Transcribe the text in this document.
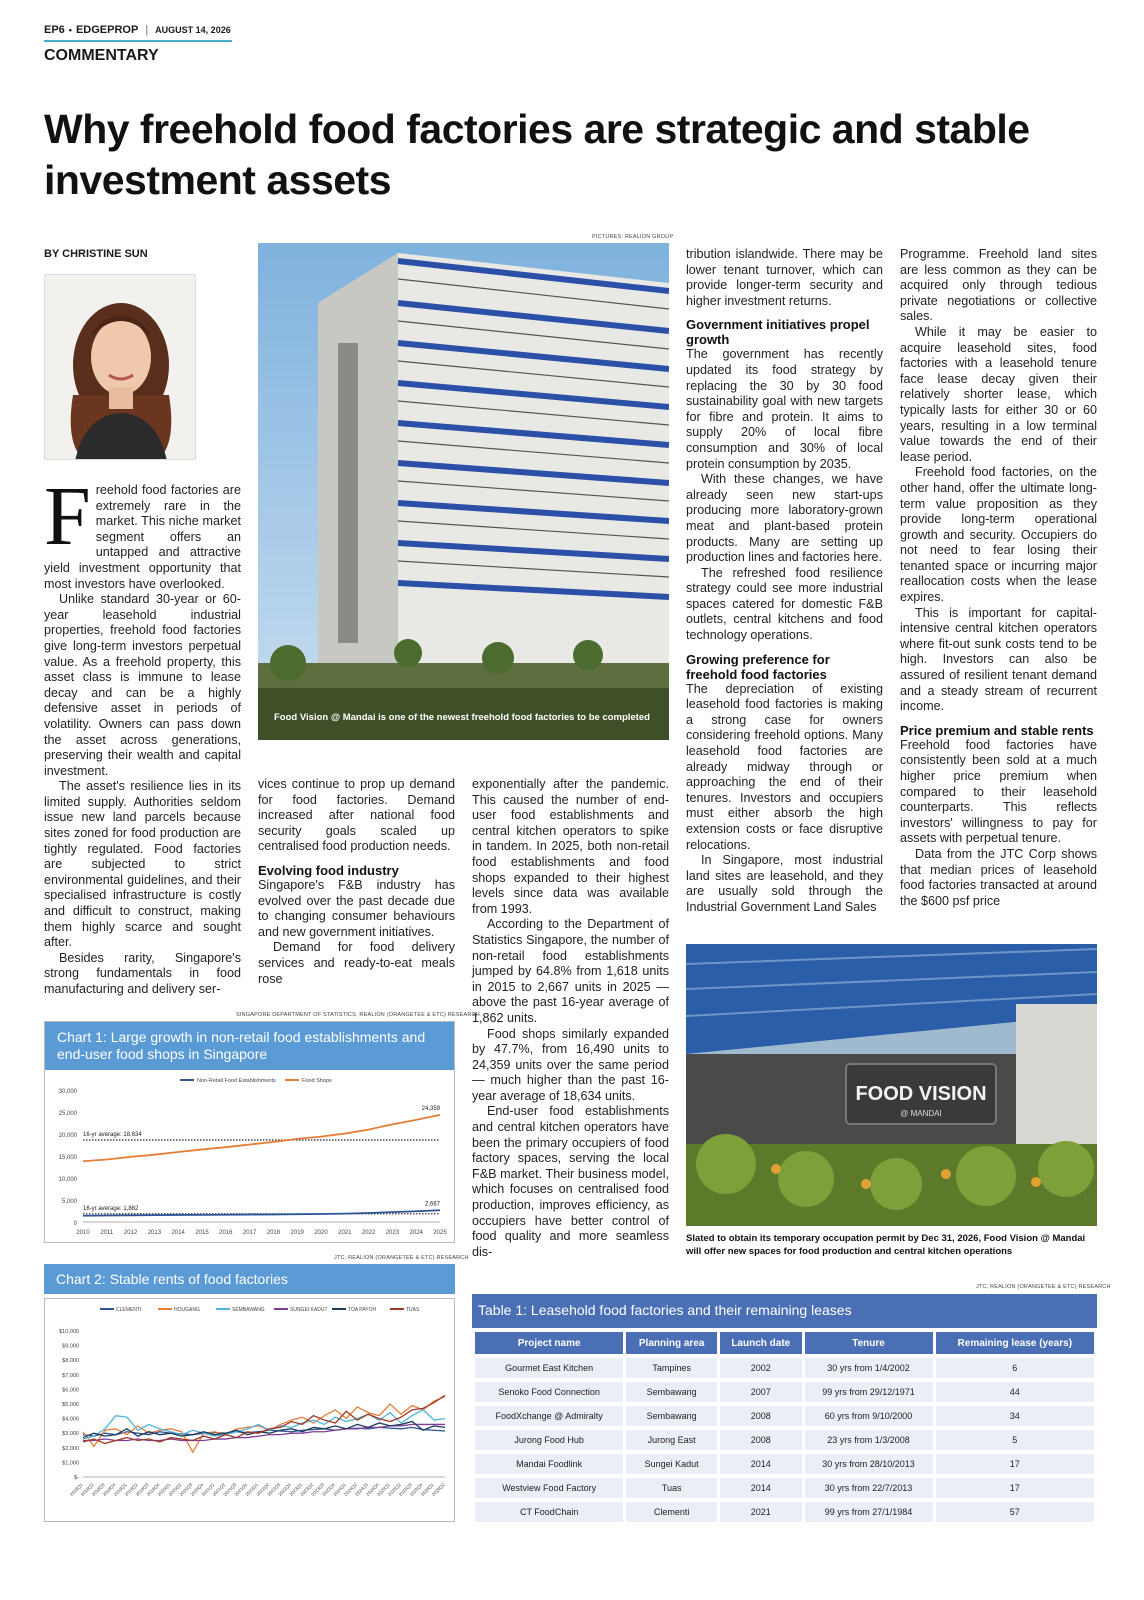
EP6 • EDGEPROP | AUGUST 14, 2026
COMMENTARY
Why freehold food factories are strategic and stable investment assets
BY CHRISTINE SUN
PICTURES: REALION GROUP
Food Vision @ Mandai is one of the newest freehold food factories to be completed
F reehold food factories are extremely rare in the market. This niche market segment offers an untapped and attractive yield investment opportunity that most investors have overlooked.

Unlike standard 30-year or 60-year leasehold industrial properties, freehold food factories give long-term investors perpetual value. As a freehold property, this asset class is immune to lease decay and can be a highly defensive asset in periods of volatility. Owners can pass down the asset across generations, preserving their wealth and capital investment.

The asset's resilience lies in its limited supply. Authorities seldom issue new land parcels because sites zoned for food production are tightly regulated. Food factories are subjected to strict environmental guidelines, and their specialised infrastructure is costly and difficult to construct, making them highly scarce and sought after.

Besides rarity, Singapore's strong fundamentals in food manufacturing and delivery ser-

vices continue to prop up demand for food factories. Demand increased after national food security goals scaled up centralised food production needs.

Evolving food industry

Singapore's F&B industry has evolved over the past decade due to changing consumer behaviours and new government initiatives.

Demand for food delivery services and ready-to-eat meals rose

exponentially after the pandemic. This caused the number of end-user food establishments and central kitchen operators to spike in tandem. In 2025, both non-retail food establishments and food shops expanded to their highest levels since data was available from 1993.

According to the Department of Statistics Singapore, the number of non-retail food establishments jumped by 64.8% from 1,618 units in 2015 to 2,667 units in 2025 — above the past 16-year average of 1,862 units.

Food shops similarly expanded by 47.7%, from 16,490 units to 24,359 units over the same period — much higher than the past 16-year average of 18,634 units.

End-user food establishments and central kitchen operators have been the primary occupiers of food factory spaces, serving the local F&B market. Their business model, which focuses on centralised food production, improves efficiency, as occupiers have better control of food quality and more seamless dis-

tribution islandwide. There may be lower tenant turnover, which can provide longer-term security and higher investment returns.

Government initiatives propel growth

The government has recently updated its food strategy by replacing the 30 by 30 food sustainability goal with new targets for fibre and protein. It aims to supply 20% of local fibre consumption and 30% of local protein consumption by 2035.

With these changes, we have already seen new start-ups producing more laboratory-grown meat and plant-based protein products. Many are setting up production lines and factories here.

The refreshed food resilience strategy could see more industrial spaces catered for domestic F&B outlets, central kitchens and food technology operations.

Growing preference for freehold food factories

The depreciation of existing leasehold food factories is making a strong case for owners considering freehold options. Many leasehold food factories are already midway through or approaching the end of their tenures. Investors and occupiers must either absorb the high extension costs or face disruptive relocations.

In Singapore, most industrial land sites are leasehold, and they are usually sold through the Industrial Government Land Sales

Programme. Freehold land sites are less common as they can be acquired only through tedious private negotiations or collective sales.

While it may be easier to acquire leasehold sites, food factories with a leasehold tenure face lease decay given their relatively shorter lease, which typically lasts for either 30 or 60 years, resulting in a low terminal value towards the end of their lease period.

Freehold food factories, on the other hand, offer the ultimate long-term value proposition as they provide long-term operational growth and security. Occupiers do not need to fear losing their tenanted space or incurring major reallocation costs when the lease expires.

This is important for capital-intensive central kitchen operators where fit-out sunk costs tend to be high. Investors can also be assured of resilient tenant demand and a steady stream of recurrent income.

Price premium and stable rents

Freehold food factories have consistently been sold at a much higher price premium when compared to their leasehold counterparts. This reflects investors' willingness to pay for assets with perpetual tenure.

Data from the JTC Corp shows that median prices of leasehold food factories transacted at around the $600 psf price

FOOD VISION
@ MANDAI
Slated to obtain its temporary occupation permit by Dec 31, 2026, Food Vision @ Mandai will offer new spaces for food production and central kitchen operations
SINGAPORE DEPARTMENT OF STATISTICS, REALION (ORANGETEE & ETC) RESEARCH
Chart 1: Large growth in non-retail food establishments and end-user food shops in Singapore
0
5,000
10,000
15,000
20,000
25,000
30,000
2010 2011 2012 2013 2014 2015 2016 2017 2018 2019 2020 2021 2022 2023 2024 2025
Non-Retail Food Establishments	Food Shops
16-yr average: 18,634
16-yr average: 1,862
2,667
24,359
JTC, REALION (ORANGETEE & ETC) RESEARCH
Chart 2: Stable rents of food factories
$-
$1,000
$2,000
$3,000
$4,000
$5,000
$6,000
$7,000
$8,000
$9,000
$10,000
2018Q1
2018Q2
2018Q3
2018Q4
2019Q1
2019Q2
2019Q3
2019Q4
2020Q1
2020Q2
2020Q3
2020Q4
2021Q1
2021Q2
2021Q3
2021Q4
2022Q1
2022Q2
2022Q3
2022Q4
2023Q1
2023Q2
2023Q3
2023Q4
2024Q1
2024Q2
2024Q3
2024Q4
2025Q1
2025Q2
2025Q3
2025Q4
2026Q1
2026Q2
CLEMENTI	HOUGANG	SEMBAWANG	SUNGEI KADUT	TOA PAYOH	TUAS
JTC, REALION (ORANGETEE & ETC) RESEARCH
Table 1: Leasehold food factories and their remaining leases
Project name	Planning area	Launch date	Tenure	Remaining lease (years)
Gourmet East Kitchen	Tampines	2002	30 yrs from 1/4/2002	6
Senoko Food Connection	Sembawang	2007	99 yrs from 29/12/1971	44
FoodXchange @ Admiralty	Sembawang	2008	60 yrs from 9/10/2000	34
Jurong Food Hub	Jurong East	2008	23 yrs from 1/3/2008	5
Mandai Foodlink	Sungei Kadut	2014	30 yrs from 28/10/2013	17
Westview Food Factory	Tuas	2014	30 yrs from 22/7/2013	17
CT FoodChain	Clementi	2021	99 yrs from 27/1/1984	57
